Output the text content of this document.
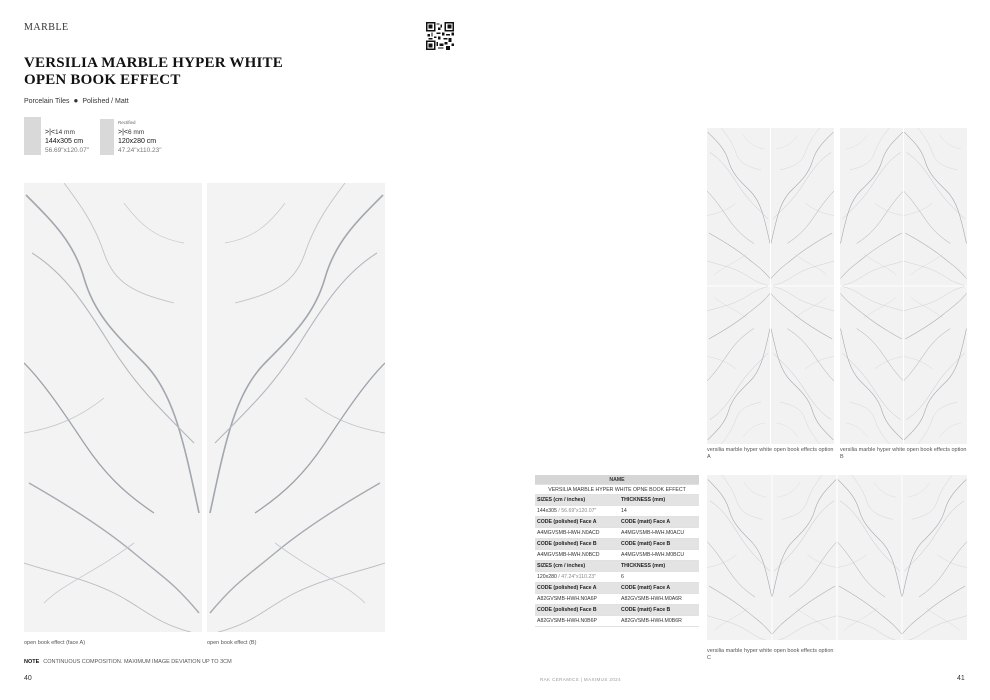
MARBLE
VERSILIA MARBLE HYPER WHITE
OPEN BOOK EFFECT
Porcelain Tiles ● Polished / Matt
>|<14 mm
144x305 cm
56.69"x120.07"
Rectified
>|<6 mm
120x280 cm
47.24"x110.23"
open book effect (face A)	open book effect (B)
NOTE CONTINUOUS COMPOSITION. MAXIMUM IMAGE DEVIATION UP TO 3CM
versilia marble hyper white open book effects option A
versilia marble hyper white open book effects option B
versilia marble hyper white open book effects option C
NAME	
VERSILIA MARBLE HYPER WHITE OPNE BOOK EFFECT	
SIZES (cm / inches)	THICKNESS (mm)
144x305 / 56.69"x120.07"	14
CODE (polished) Face A	CODE (matt) Face A
A4MGVSMB-HWH.N0ACD	A4MGVSMB-HWH.M0ACU
CODE (polished) Face B	CODE (matt) Face B
A4MGVSMB-HWH.N0BCD	A4MGVSMB-HWH.M0BCU
SIZES (cm / inches)	THICKNESS (mm)
120x280 / 47.24"x110.23"	6
CODE (polished) Face A	CODE (matt) Face A
A82GVSMB-HWH.N0A6P	A82GVSMB-HWH.M0A6R
CODE (polished) Face B	CODE (matt) Face B
A82GVSMB-HWH.N0B6P	A82GVSMB-HWH.M0B6R
40	RAK CERAMICS | MAXIMUS 2024	41
